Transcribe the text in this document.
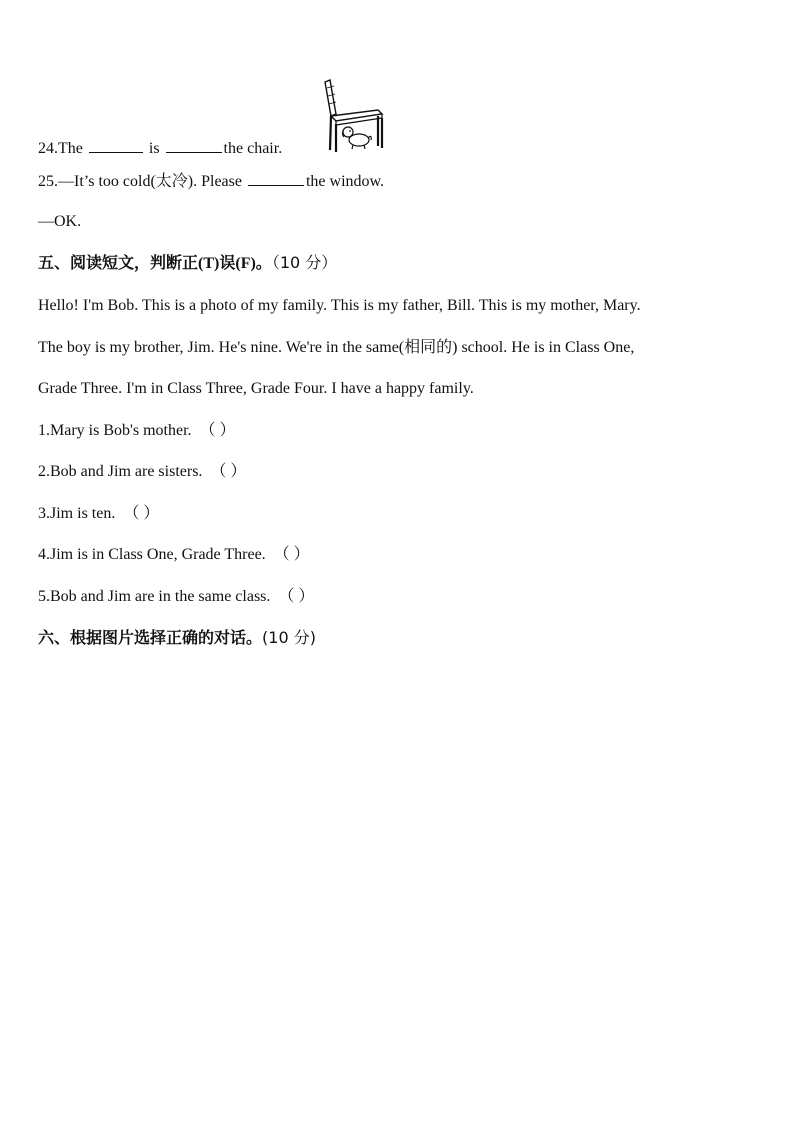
24.The	is	the chair.
25.—It’s too cold(太冷). Please	the window.
—OK.
五、阅读短文，判断正(T)误(F)。（10 分）
Hello! I'm Bob. This is a photo of my family. This is my father, Bill. This is my mother, Mary.
The boy is my brother, Jim. He's nine. We're in the same(相同的) school. He is in Class One,
Grade Three. I'm in Class Three, Grade Four. I have a happy family.
1.Mary is Bob's mother. （ ）
2.Bob and Jim are sisters. （ ）
3.Jim is ten. （ ）
4.Jim is in Class One, Grade Three. （ ）
5.Bob and Jim are in the same class. （ ）
六、根据图片选择正确的对话。(10 分)
